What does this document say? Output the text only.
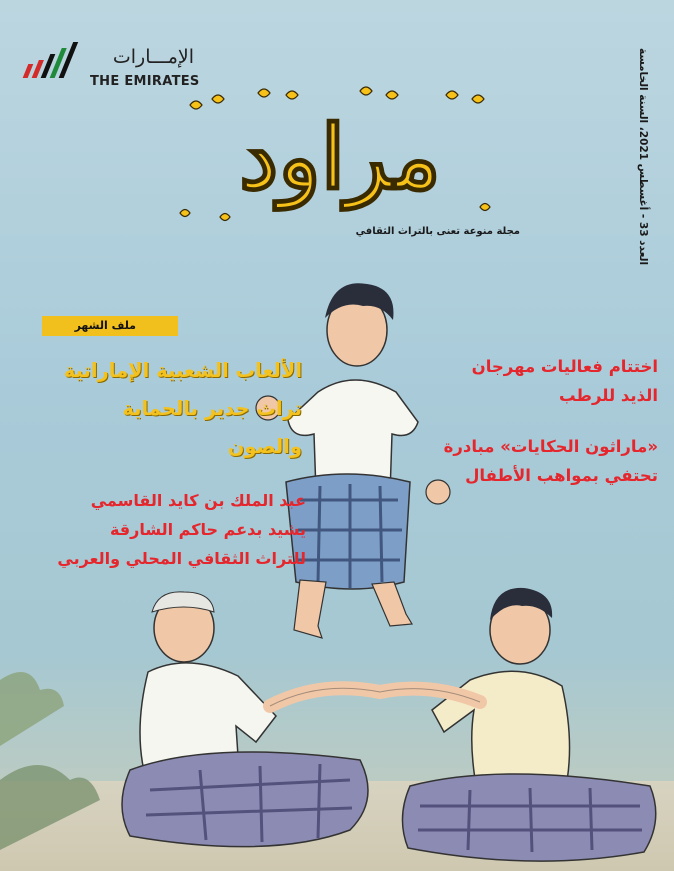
الإمـــارات
THE EMIRATES
مراود
مجلة منوعة تعنى بالتراث الثقافي
العدد 33 - أغسطس 2021، السنة الخامسة
ملف الشهر
الألعاب الشعبية الإماراتية
تراث جدير بالحماية
والصون
عبد الملك بن كايد القاسمي
يشيد بدعم حاكم الشارقة
للتراث الثقافي المحلي والعربي
اختتام فعاليات مهرجان
الذيد للرطب
«ماراثون الحكايات» مبادرة
تحتفي بمواهب الأطفال
